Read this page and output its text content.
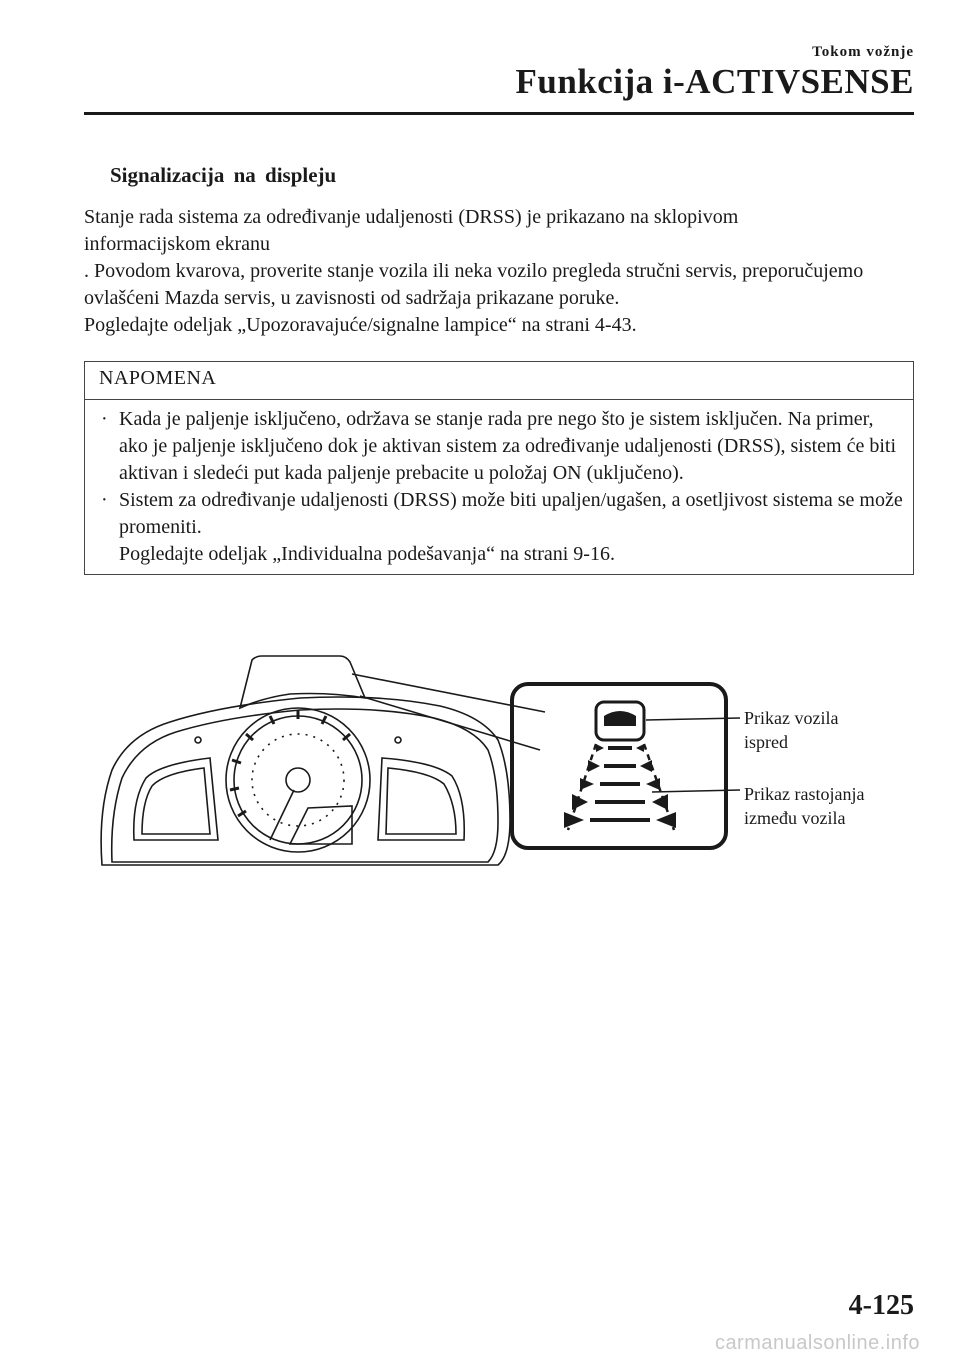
Tokom vožnje
Funkcija i-ACTIVSENSE
Signalizacija na displeju

Stanje rada sistema za određivanje udaljenosti (DRSS) je prikazano na sklopivom informacijskom ekranu

. Povodom kvarova, proverite stanje vozila ili neka vozilo pregleda stručni servis, preporučujemo ovlašćeni Mazda servis, u zavisnosti od sadržaja prikazane poruke.

Pogledajte odeljak „Upozoravajuće/signalne lampice“ na strani 4-43.

NAPOMENA
· Kada je paljenje isključeno, održava se stanje rada pre nego što je sistem isključen. Na primer, ako je paljenje isključeno dok je aktivan sistem za određivanje udaljenosti (DRSS), sistem će biti aktivan i sledeći put kada paljenje prebacite u položaj ON (uključeno).
· Sistem za određivanje udaljenosti (DRSS) može biti upaljen/ugašen, a osetljivost sistema se može promeniti.
Pogledajte odeljak „Individualna podešavanja“ na strani 9-16.
Prikaz vozila
ispred
Prikaz rastojanja
između vozila
4-125
carmanualsonline.info
